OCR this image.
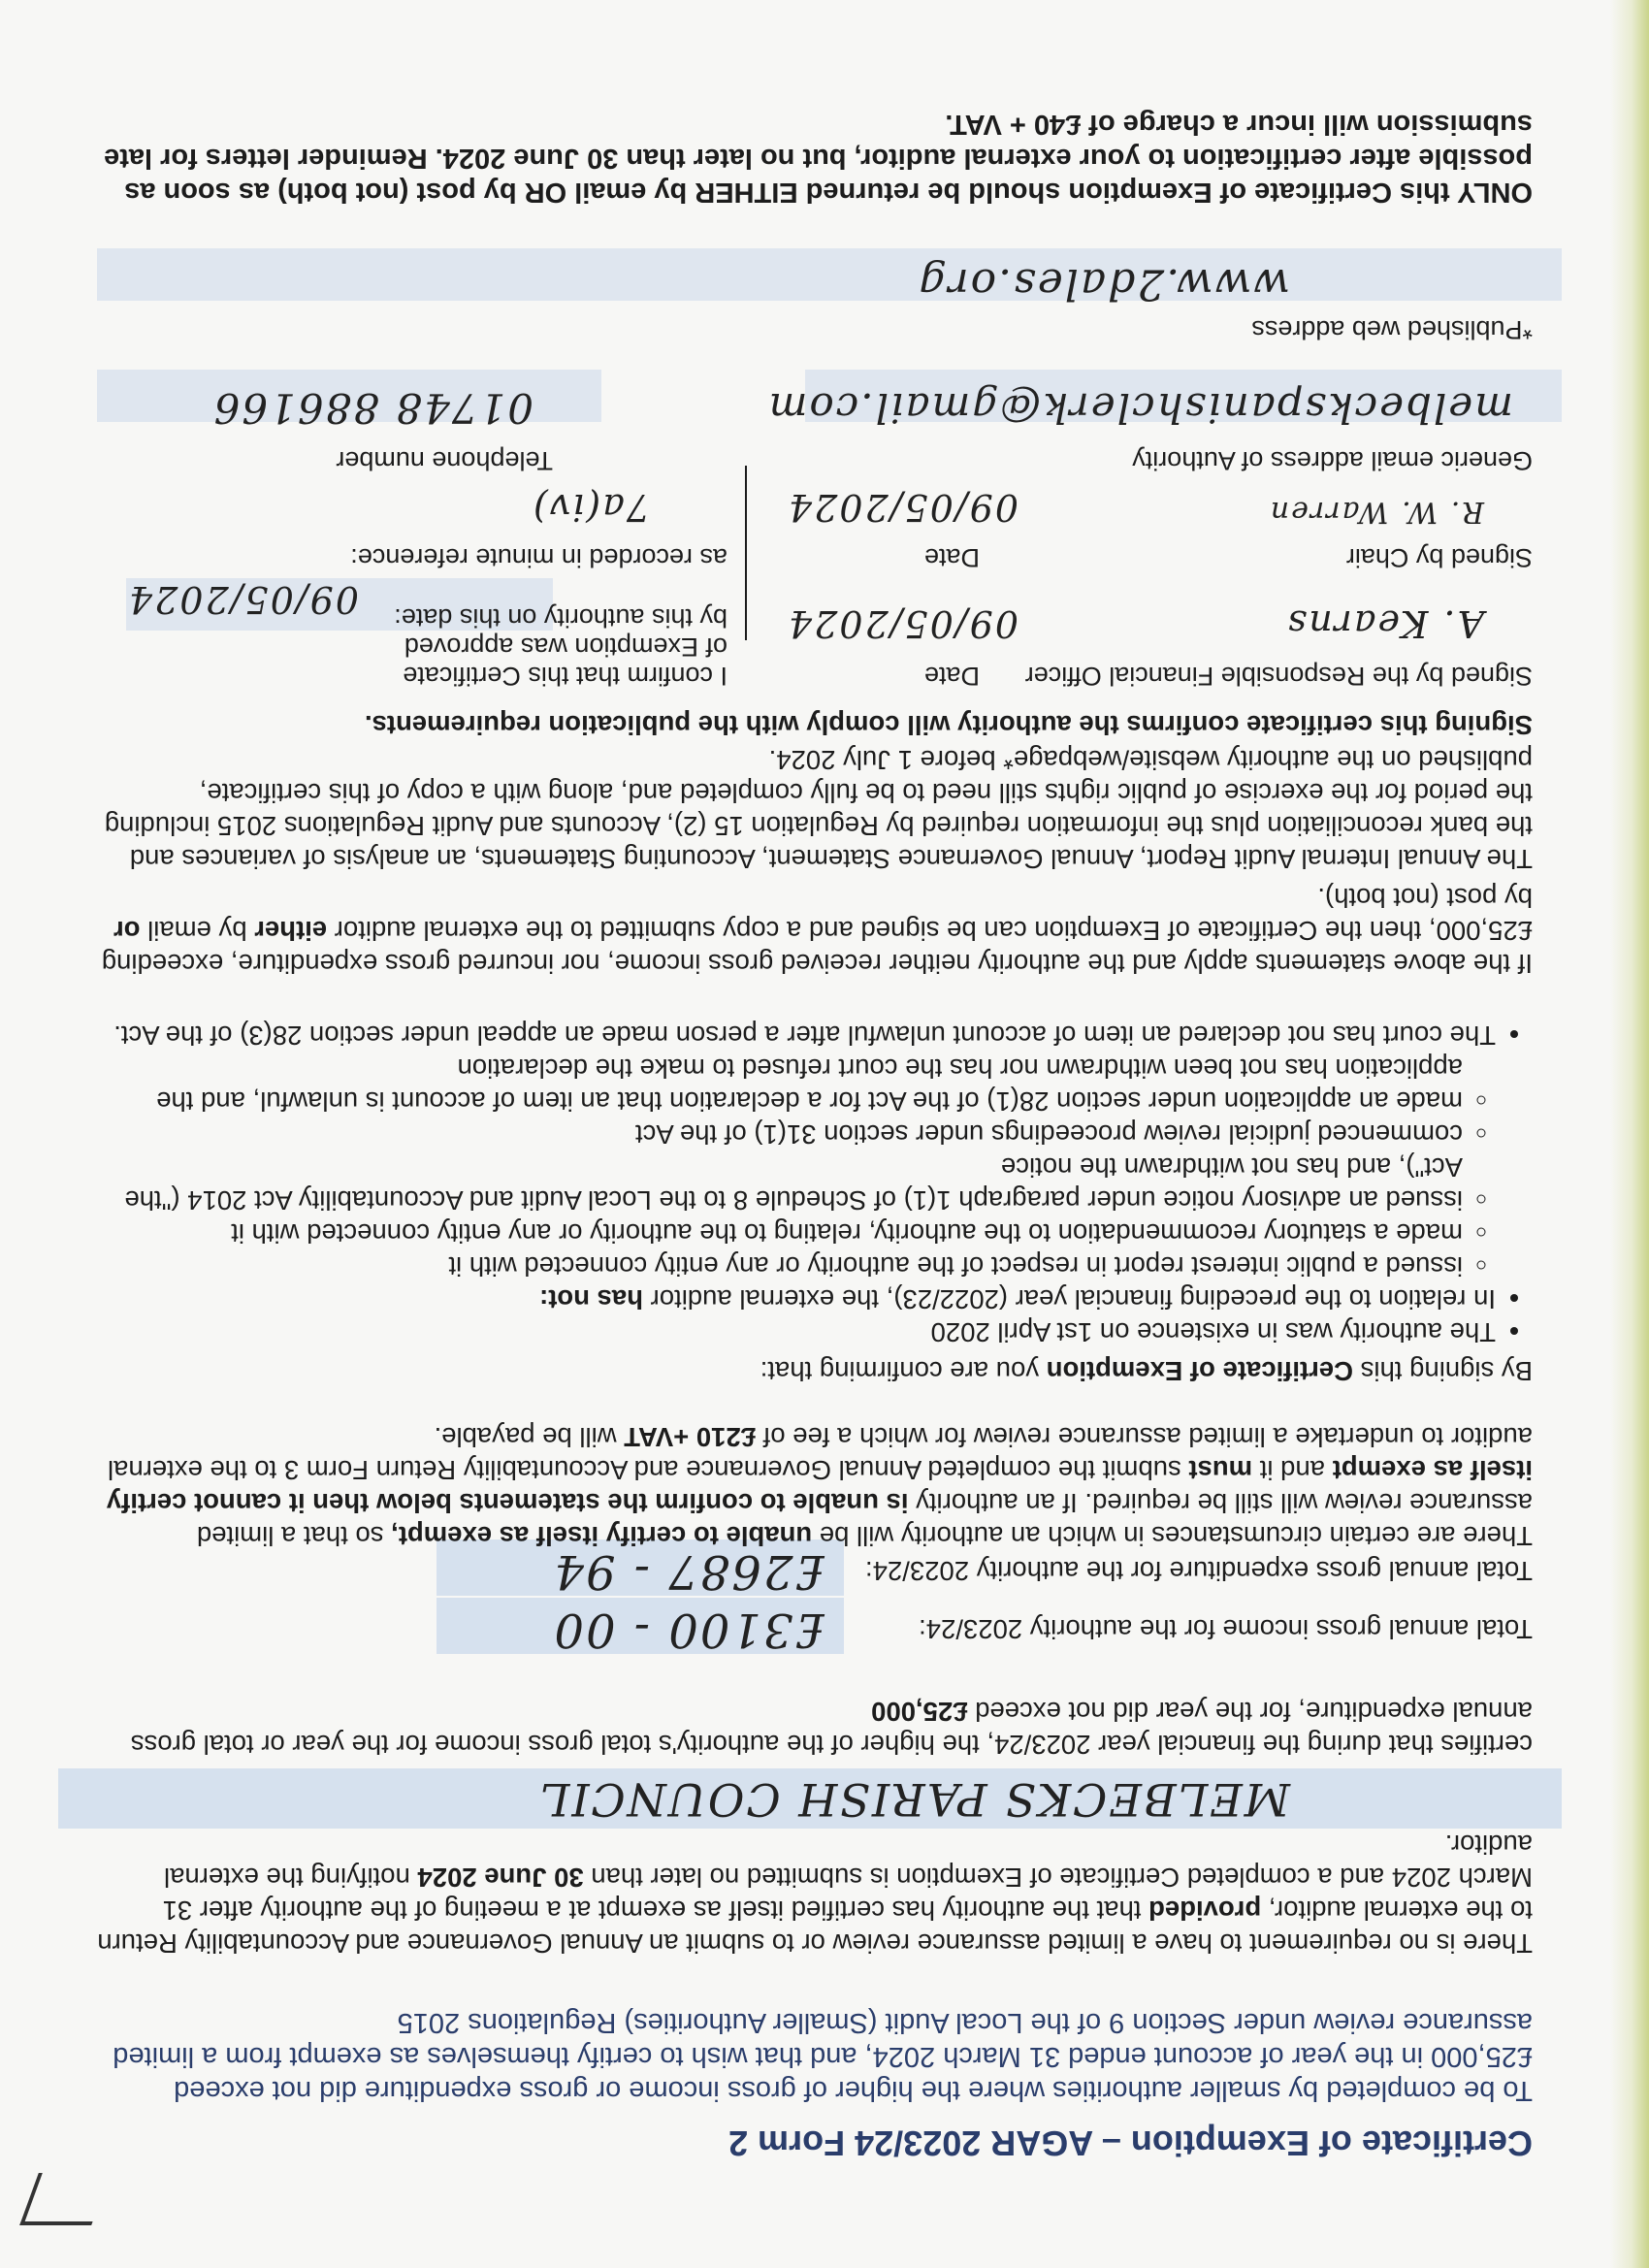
Certificate of Exemption – AGAR 2023/24 Form 2
To be completed by smaller authorities where the higher of gross income or gross expenditure did not exceed £25,000 in the year of account ended 31 March 2024, and that wish to certify themselves as exempt from a limited assurance review under Section 9 of the Local Audit (Smaller Authorities) Regulations 2015
There is no requirement to have a limited assurance review or to submit an Annual Governance and Accountability Return to the external auditor, provided that the authority has certified itself as exempt at a meeting of the authority after 31 March 2024 and a completed Certificate of Exemption is submitted no later than 30 June 2024 notifying the external auditor.
MELBECKS PARISH COUNCIL
certifies that during the financial year 2023/24, the higher of the authority's total gross income for the year or total gross annual expenditure, for the year did not exceed £25,000
Total annual gross income for the authority 2023/24:
£3100 - 00
Total annual gross expenditure for the authority 2023/24:
£2687 - 94
There are certain circumstances in which an authority will be unable to certify itself as exempt, so that a limited assurance review will still be required. If an authority is unable to confirm the statements below then it cannot certify itself as exempt and it must submit the completed Annual Governance and Accountability Return Form 3 to the external auditor to undertake a limited assurance review for which a fee of £210 +VAT will be payable.
By signing this Certificate of Exemption you are confirming that:
• The authority was in existence on 1st April 2020
• In relation to the preceding financial year (2022/23), the external auditor has not:
◦ issued a public interest report in respect of the authority or any entity connected with it
◦ made a statutory recommendation to the authority, relating to the authority or any entity connected with it
◦ issued an advisory notice under paragraph 1(1) of Schedule 8 to the Local Audit and Accountability Act 2014 ("the Act"), and has not withdrawn the notice
◦ commenced judicial review proceedings under section 31(1) of the Act
◦ made an application under section 28(1) of the Act for a declaration that an item of account is unlawful, and the application has not been withdrawn nor has the court refused to make the declaration
• The court has not declared an item of account unlawful after a person made an appeal under section 28(3) of the Act.
If the above statements apply and the authority neither received gross income, nor incurred gross expenditure, exceeding £25,000, then the Certificate of Exemption can be signed and a copy submitted to the external auditor either by email or by post (not both).
The Annual Internal Audit Report, Annual Governance Statement, Accounting Statements, an analysis of variances and the bank reconciliation plus the information required by Regulation 15 (2), Accounts and Audit Regulations 2015 including the period for the exercise of public rights still need to be fully completed and, along with a copy of this certificate, published on the authority website/webpage* before 1 July 2024.
Signing this certificate confirms the authority will comply with the publication requirements.
Signed by the Responsible Financial Officer
Date
A. Kearns
09/05/2024
I confirm that this Certificate of Exemption was approved by this authority on this date:
09/05/2024
Signed by Chair
Date
R. W. Warren
09/05/2024
as recorded in minute reference:
7a(iv)
Generic email address of Authority
Telephone number
melbeckspanishclerk@gmail.com
01748 886166
*Published web address
www.2dales.org
ONLY this Certificate of Exemption should be returned EITHER by email OR by post (not both) as soon as possible after certification to your external auditor, but no later than 30 June 2024. Reminder letters for late submission will incur a charge of £40 + VAT.
